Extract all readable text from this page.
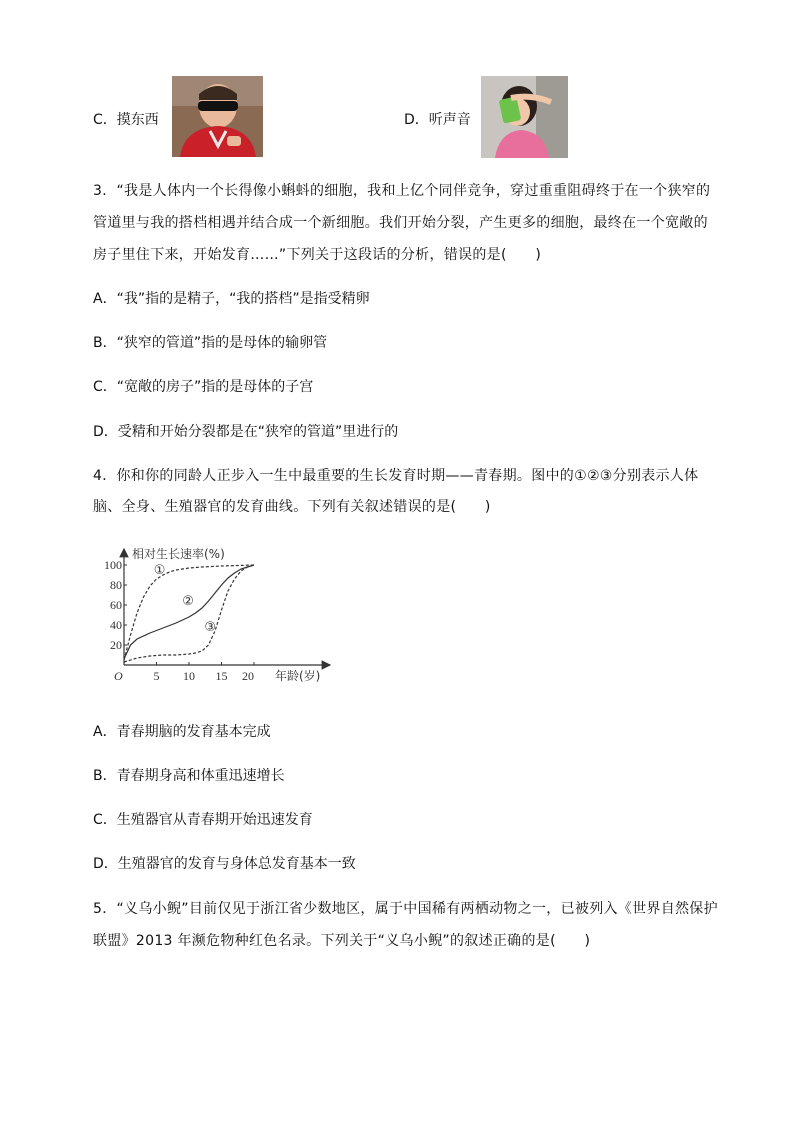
C．摸东西	D．听声音
3．“我是人体内一个长得像小蝌蚪的细胞，我和上亿个同伴竞争，穿过重重阻碍终于在一个狭窄的
管道里与我的搭档相遇并结合成一个新细胞。我们开始分裂，产生更多的细胞，最终在一个宽敞的
房子里住下来，开始发育……”下列关于这段话的分析，错误的是(　　)
A．“我”指的是精子，“我的搭档”是指受精卵
B．“狭窄的管道”指的是母体的输卵管
C．“宽敞的房子”指的是母体的子宫
D．受精和开始分裂都是在“狭窄的管道”里进行的
4．你和你的同龄人正步入一生中最重要的生长发育时期——青春期。图中的①②③分别表示人体
脑、全身、生殖器官的发育曲线。下列有关叙述错误的是(　　)
相对生长速率(%)
年龄(岁)
O	5 10 15 20
20
40
60
80
100 ①
②
③
A．青春期脑的发育基本完成
B．青春期身高和体重迅速增长
C．生殖器官从青春期开始迅速发育
D．生殖器官的发育与身体总发育基本一致
5．“义乌小鲵”目前仅见于浙江省少数地区，属于中国稀有两栖动物之一，已被列入《世界自然保护
联盟》2013 年濒危物种红色名录。下列关于“义乌小鲵”的叙述正确的是(　　)
